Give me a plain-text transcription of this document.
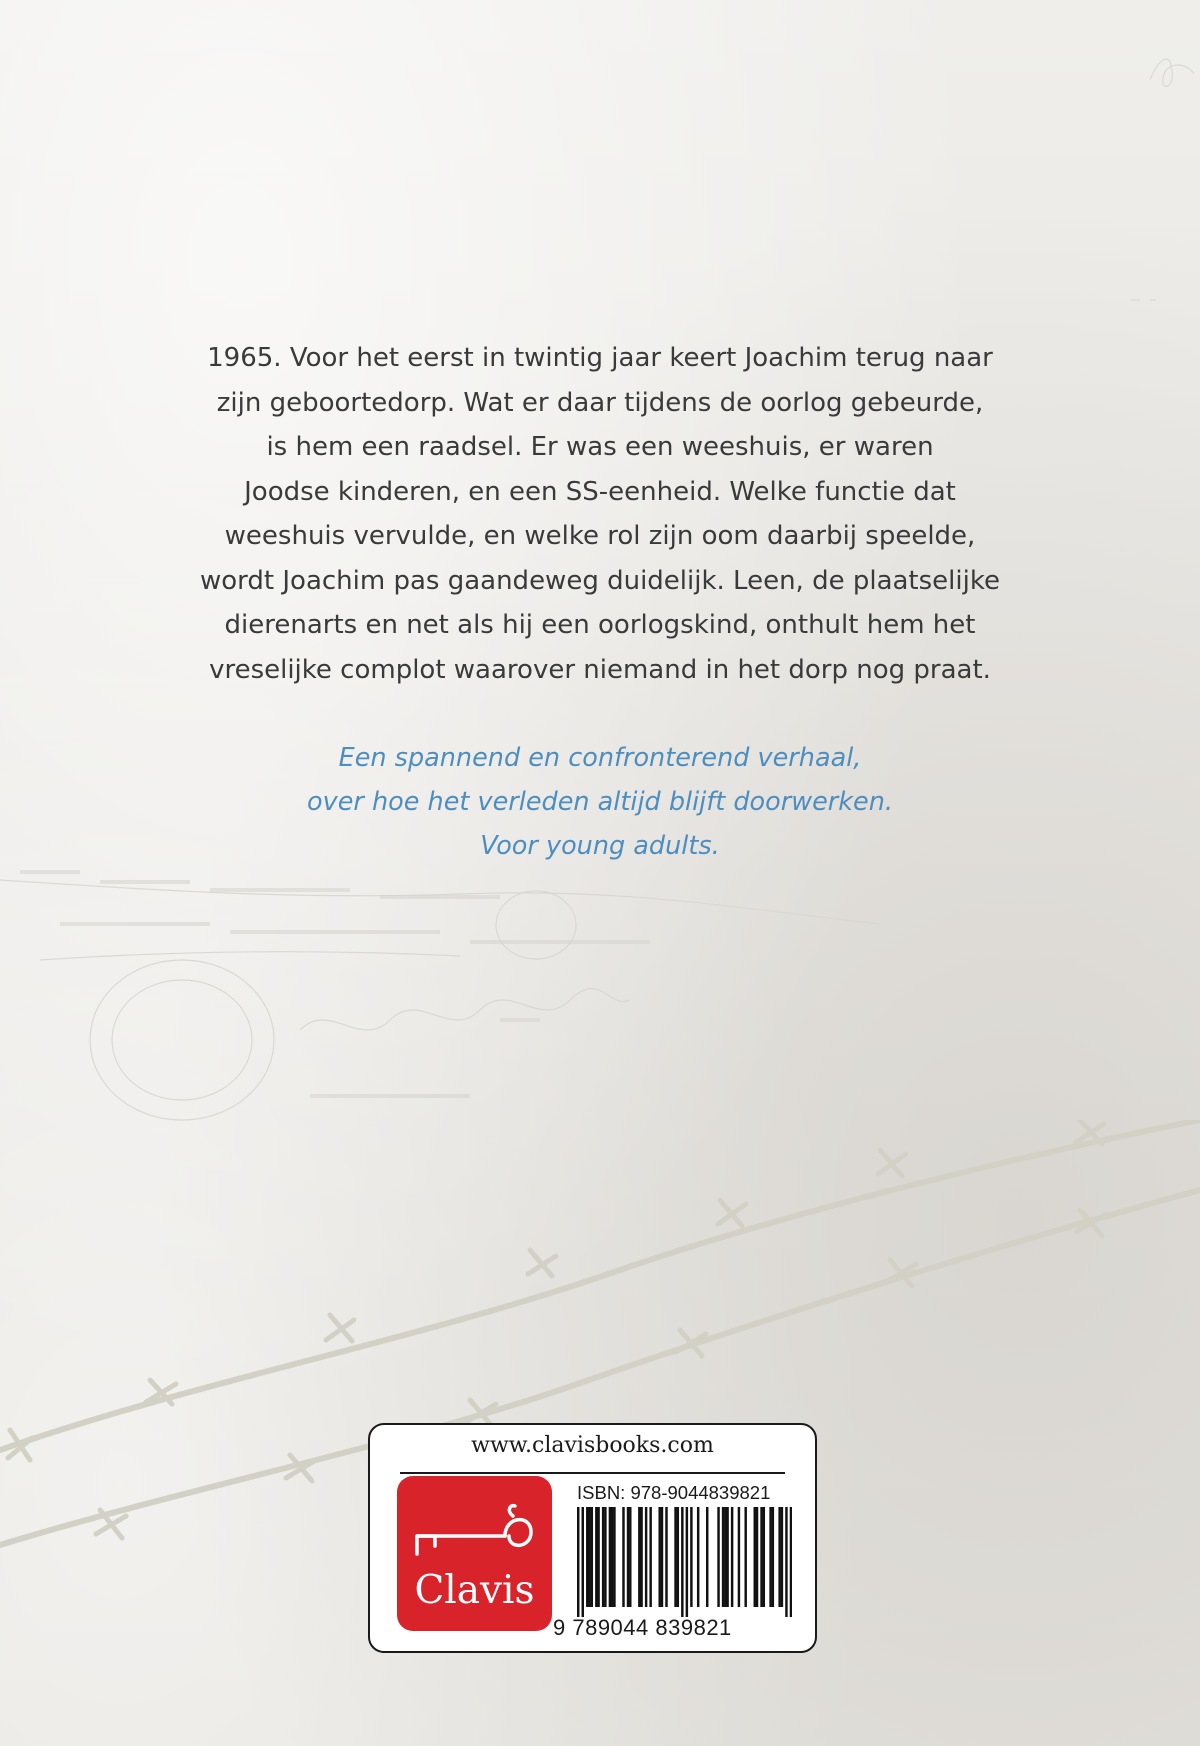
1965. Voor het eerst in twintig jaar keert Joachim terug naar

zijn geboortedorp. Wat er daar tijdens de oorlog gebeurde,

is hem een raadsel. Er was een weeshuis, er waren

Joodse kinderen, en een SS-eenheid. Welke functie dat

weeshuis vervulde, en welke rol zijn oom daarbij speelde,

wordt Joachim pas gaandeweg duidelijk. Leen, de plaatselijke

dierenarts en net als hij een oorlogskind, onthult hem het

vreselijke complot waarover niemand in het dorp nog praat.

Een spannend en confronterend verhaal,

over hoe het verleden altijd blijft doorwerken.

Voor young adults.

www.clavisbooks.com
Clavis
ISBN: 978-9044839821
9 789044 839821
